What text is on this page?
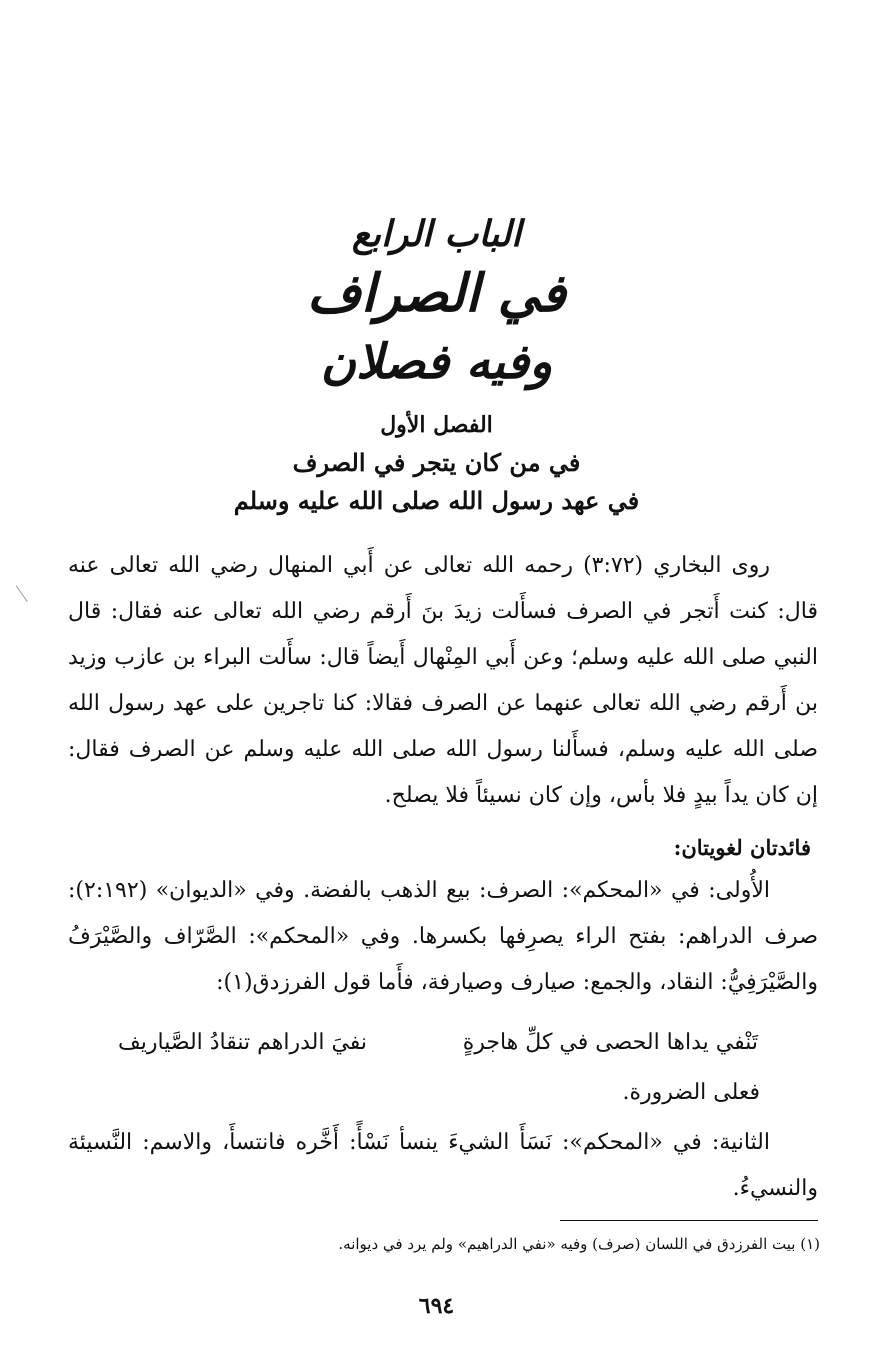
الباب الرابع
في الصراف
وفيه فصلان
الفصل الأول
في من كان يتجر في الصرف
في عهد رسول الله صلى الله عليه وسلم

روى البخاري (٣:٧٢) رحمه الله تعالى عن أَبي المنهال رضي الله تعالى عنه قال: كنت أَتجر في الصرف فسأَلت زيدَ بنَ أَرقم رضي الله تعالى عنه فقال: قال النبي صلى الله عليه وسلم؛ وعن أَبي المِنْهال أَيضاً قال: سأَلت البراء بن عازب وزيد بن أَرقم رضي الله تعالى عنهما عن الصرف فقالا: كنا تاجرين على عهد رسول الله صلى الله عليه وسلم، فسأَلنا رسول الله صلى الله عليه وسلم عن الصرف فقال: إن كان يداً بيدٍ فلا بأس، وإن كان نسيئاً فلا يصلح.

فائدتان لغويتان:

الأُولى: في «المحكم»: الصرف: بيع الذهب بالفضة. وفي «الديوان» (٢:١٩٢): صرف الدراهم: بفتح الراء يصرِفها بكسرها. وفي «المحكم»: الصَّرّاف والصَّيْرَفُ والصَّيْرَفِيُّ: النقاد، والجمع: صيارف وصيارفة، فأَما قول الفرزدق(١):

تَنْفي يداها الحصى في كلِّ هاجرةٍ
نفيَ الدراهم تنقادُ الصَّياريف

فعلى الضرورة.

الثانية: في «المحكم»: نَسَأَ الشيءَ ينسأ نَسْأً: أَخَّره فانتسأَ، والاسم: النَّسيئة والنسيءُ.

(١) بيت الفرزدق في اللسان (صرف) وفيه «نفي الدراهيم» ولم يرد في ديوانه.
٦٩٤
